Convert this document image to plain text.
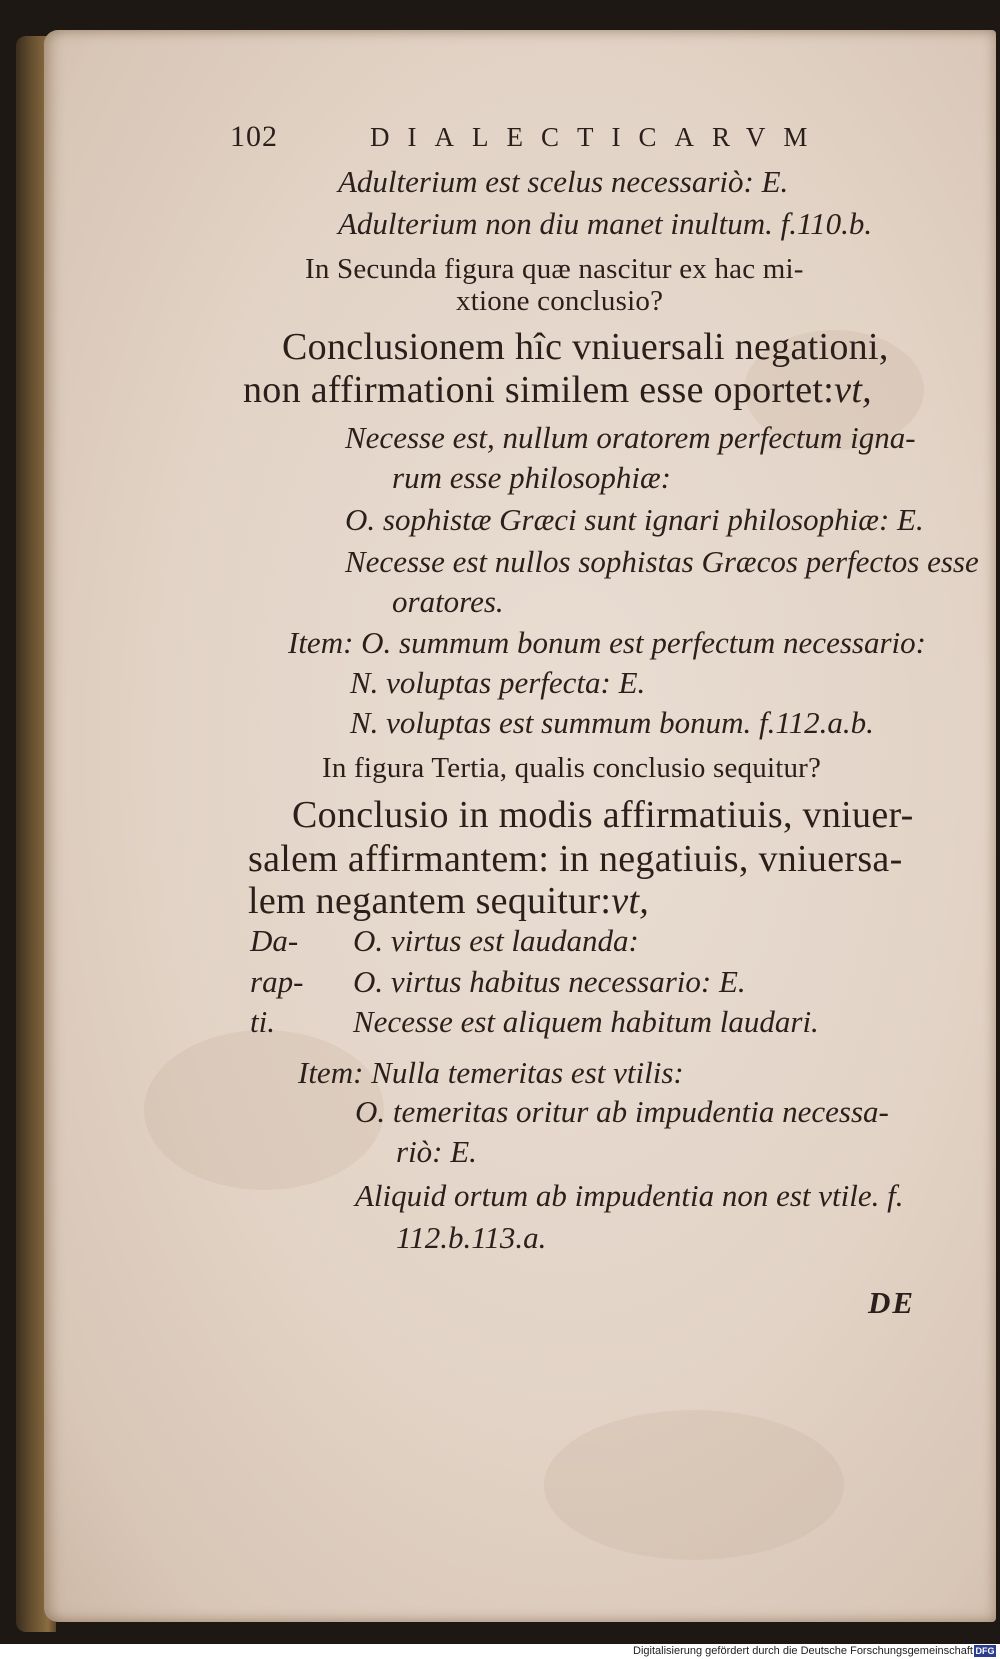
102	DIALECTICARVM

Adulterium est scelus necessariò: E.

Adulterium non diu manet inultum. f.110.b.

In Secunda figura quæ nascitur ex hac mi-

xtione conclusio?

Conclusionem hîc vniuersali negationi,

non affirmationi similem esse oportet:vt,

Necesse est, nullum oratorem perfectum igna-

rum esse philosophiæ:

O. sophistæ Græci sunt ignari philosophiæ: E.

Necesse est nullos sophistas Græcos perfectos esse

oratores.

Item: O. summum bonum est perfectum necessario:

N. voluptas perfecta: E.

N. voluptas est summum bonum. f.112.a.b.

In figura Tertia, qualis conclusio sequitur?

Conclusio in modis affirmatiuis, vniuer-

salem affirmantem: in negatiuis, vniuersa-

lem negantem sequitur:vt,

Da-

rap-

ti.

O. virtus est laudanda:

O. virtus habitus necessario: E.

Necesse est aliquem habitum laudari.

Item: Nulla temeritas est vtilis:

O. temeritas oritur ab impudentia necessa-

riò: E.

Aliquid ortum ab impudentia non est vtile. f.

112.b.113.a.

DE

Digitalisierung gefördert durch die Deutsche Forschungsgemeinschaft DFG
